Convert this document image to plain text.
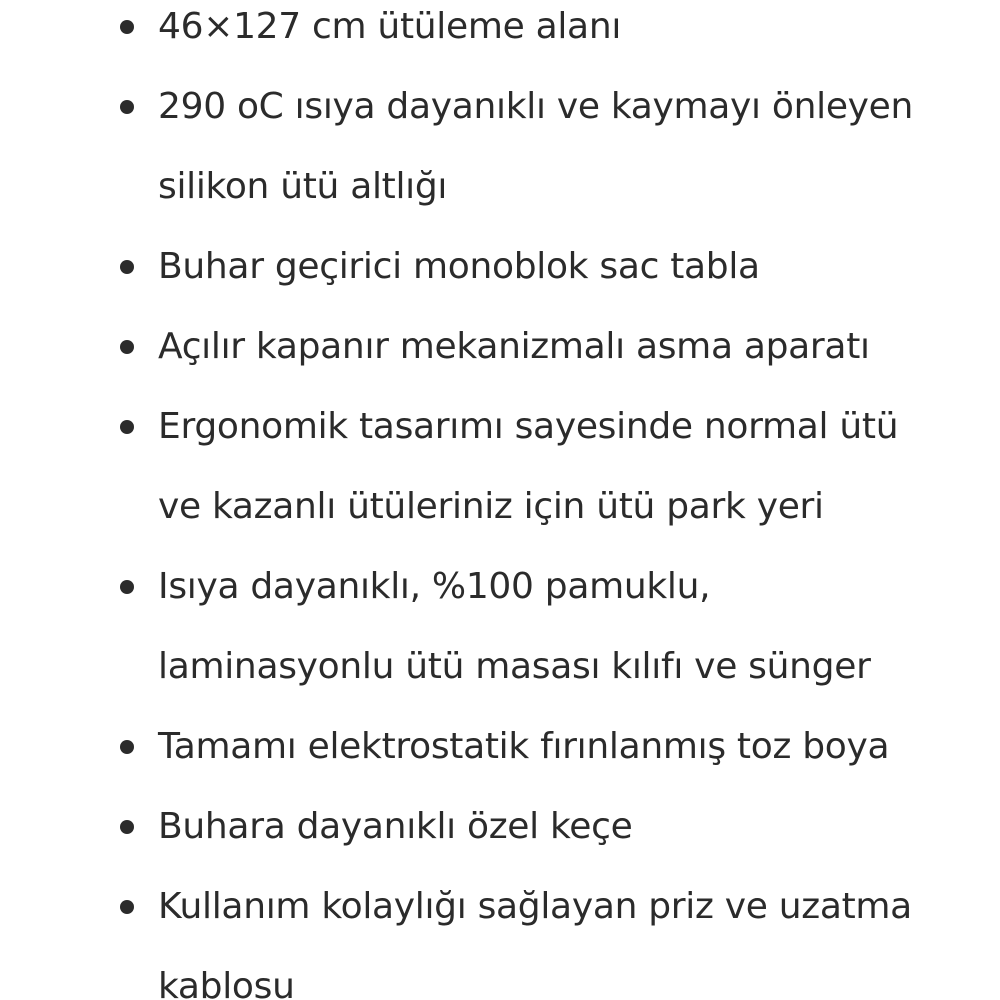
46×127 cm ütüleme alanı
290 oC ısıya dayanıklı ve kaymayı önleyen
silikon ütü altlığı
Buhar geçirici monoblok sac tabla
Açılır kapanır mekanizmalı asma aparatı
Ergonomik tasarımı sayesinde normal ütü
ve kazanlı ütüleriniz için ütü park yeri
Isıya dayanıklı, %100 pamuklu,
laminasyonlu ütü masası kılıfı ve sünger
Tamamı elektrostatik fırınlanmış toz boya
Buhara dayanıklı özel keçe
Kullanım kolaylığı sağlayan priz ve uzatma
kablosu
